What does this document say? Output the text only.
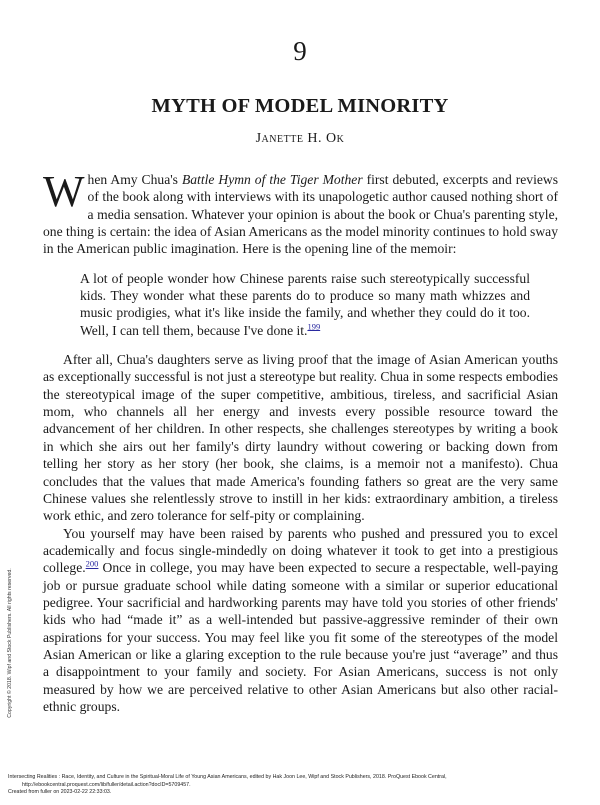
9
MYTH OF MODEL MINORITY
Janette H. Ok

When Amy Chua's Battle Hymn of the Tiger Mother first debuted, excerpts and reviews of the book along with interviews with its unapologetic author caused nothing short of a media sensation. Whatever your opinion is about the book or Chua's parenting style, one thing is certain: the idea of Asian Americans as the model minority continues to hold sway in the American public imagination. Here is the opening line of the memoir:

A lot of people wonder how Chinese parents raise such stereotypically successful kids. They wonder what these parents do to produce so many math whizzes and music prodigies, what it's like inside the family, and whether they could do it too. Well, I can tell them, because I've done it.$^{199}$

After all, Chua's daughters serve as living proof that the image of Asian American youths as exceptionally successful is not just a stereotype but reality. Chua in some respects embodies the stereotypical image of the super competitive, ambitious, tireless, and sacrificial Asian mom, who channels all her energy and invests every possible resource toward the advancement of her children. In other respects, she challenges stereotypes by writing a book in which she airs out her family's dirty laundry without cowering or backing down from telling her story as her story (her book, she claims, is a memoir not a manifesto). Chua concludes that the values that made America's founding fathers so great are the very same Chinese values she relentlessly strove to instill in her kids: extraordinary ambition, a tireless work ethic, and zero tolerance for self-pity or complaining.

You yourself may have been raised by parents who pushed and pressured you to excel academically and focus single-mindedly on doing whatever it took to get into a prestigious college.$^{200}$ Once in college, you may have been expected to secure a respectable, well-paying job or pursue graduate school while dating someone with a similar or superior educational pedigree. Your sacrificial and hardworking parents may have told you stories of other friends' kids who had “made it” as a well-intended but passive-aggressive reminder of their own aspirations for your success. You may feel like you fit some of the stereotypes of the model Asian American or like a glaring exception to the rule because you're just “average” and thus a disappointment to your family and society. For Asian Americans, success is not only measured by how we are perceived relative to other Asian Americans but also other racial-ethnic groups.

Copyright © 2018. Wipf and Stock Publishers. All rights reserved.
Intersecting Realities : Race, Identity, and Culture in the Spiritual-Moral Life of Young Asian Americans, edited by Hak Joon Lee, Wipf and Stock Publishers, 2018. ProQuest Ebook Central,
http://ebookcentral.proquest.com/lib/fuller/detail.action?docID=5709457.
Created from fuller on 2023-02-22 22:33:03.
